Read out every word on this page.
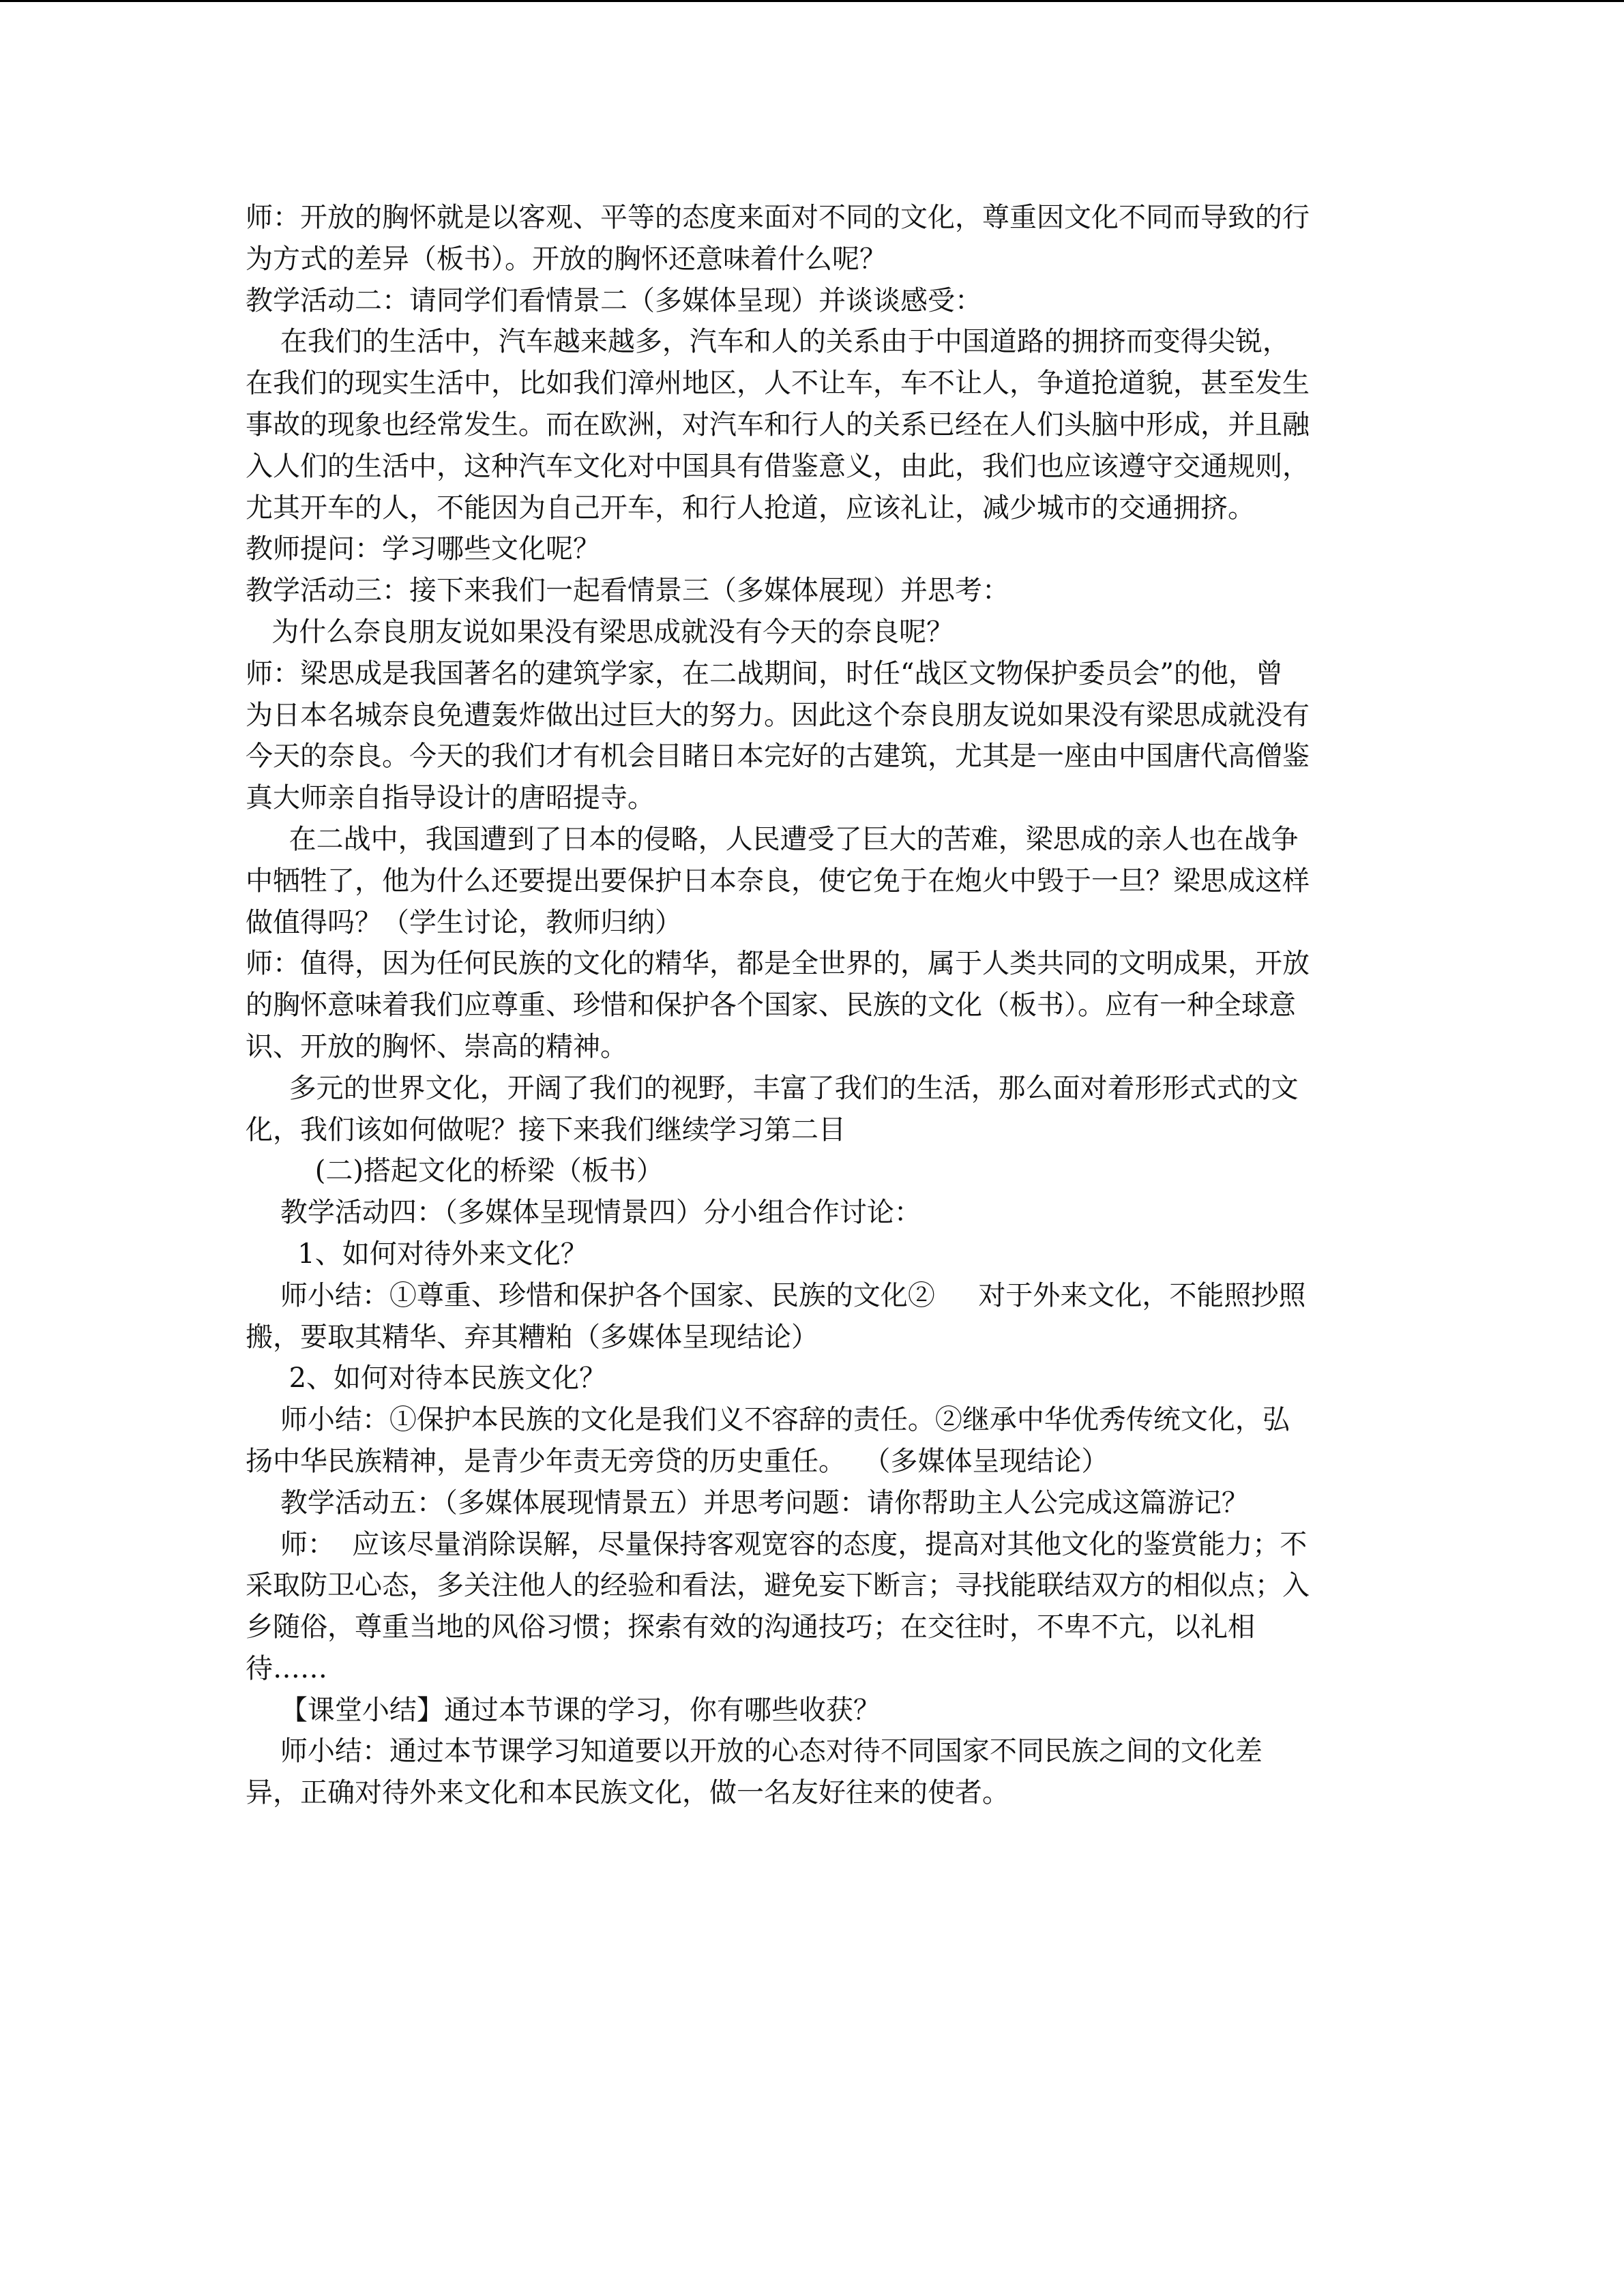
师：开放的胸怀就是以客观、平等的态度来面对不同的文化，尊重因文化不同而导致的行
为方式的差异（板书）。开放的胸怀还意味着什么呢？
教学活动二：请同学们看情景二（多媒体呈现）并谈谈感受：
在我们的生活中，汽车越来越多，汽车和人的关系由于中国道路的拥挤而变得尖锐，
在我们的现实生活中，比如我们漳州地区，人不让车，车不让人，争道抢道貌，甚至发生
事故的现象也经常发生。而在欧洲，对汽车和行人的关系已经在人们头脑中形成，并且融
入人们的生活中，这种汽车文化对中国具有借鉴意义，由此，我们也应该遵守交通规则，
尤其开车的人，不能因为自己开车，和行人抢道，应该礼让，减少城市的交通拥挤。
教师提问：学习哪些文化呢？
教学活动三：接下来我们一起看情景三（多媒体展现）并思考：
为什么奈良朋友说如果没有梁思成就没有今天的奈良呢？
师：梁思成是我国著名的建筑学家，在二战期间，时任“战区文物保护委员会”的他，曾
为日本名城奈良免遭轰炸做出过巨大的努力。因此这个奈良朋友说如果没有梁思成就没有
今天的奈良。今天的我们才有机会目睹日本完好的古建筑，尤其是一座由中国唐代高僧鉴
真大师亲自指导设计的唐昭提寺。
在二战中，我国遭到了日本的侵略，人民遭受了巨大的苦难，梁思成的亲人也在战争
中牺牲了，他为什么还要提出要保护日本奈良，使它免于在炮火中毁于一旦？梁思成这样
做值得吗？（学生讨论，教师归纳）
师：值得，因为任何民族的文化的精华，都是全世界的，属于人类共同的文明成果，开放
的胸怀意味着我们应尊重、珍惜和保护各个国家、民族的文化（板书）。应有一种全球意
识、开放的胸怀、崇高的精神。
多元的世界文化，开阔了我们的视野，丰富了我们的生活，那么面对着形形式式的文
化，我们该如何做呢？接下来我们继续学习第二目
(二)搭起文化的桥梁（板书）
教学活动四：（多媒体呈现情景四）分小组合作讨论：
1、如何对待外来文化？
师小结：①尊重、珍惜和保护各个国家、民族的文化②     对于外来文化，不能照抄照
搬，要取其精华、弃其糟粕（多媒体呈现结论）
2、如何对待本民族文化？
师小结：①保护本民族的文化是我们义不容辞的责任。②继承中华优秀传统文化，弘
扬中华民族精神，是青少年责无旁贷的历史重任。  （多媒体呈现结论）
教学活动五：（多媒体展现情景五）并思考问题：请你帮助主人公完成这篇游记？
师：  应该尽量消除误解，尽量保持客观宽容的态度，提高对其他文化的鉴赏能力；不
采取防卫心态，多关注他人的经验和看法，避免妄下断言；寻找能联结双方的相似点；入
乡随俗，尊重当地的风俗习惯；探索有效的沟通技巧；在交往时，不卑不亢，以礼相
待……
【课堂小结】通过本节课的学习，你有哪些收获？
师小结：通过本节课学习知道要以开放的心态对待不同国家不同民族之间的文化差
异，正确对待外来文化和本民族文化，做一名友好往来的使者。
